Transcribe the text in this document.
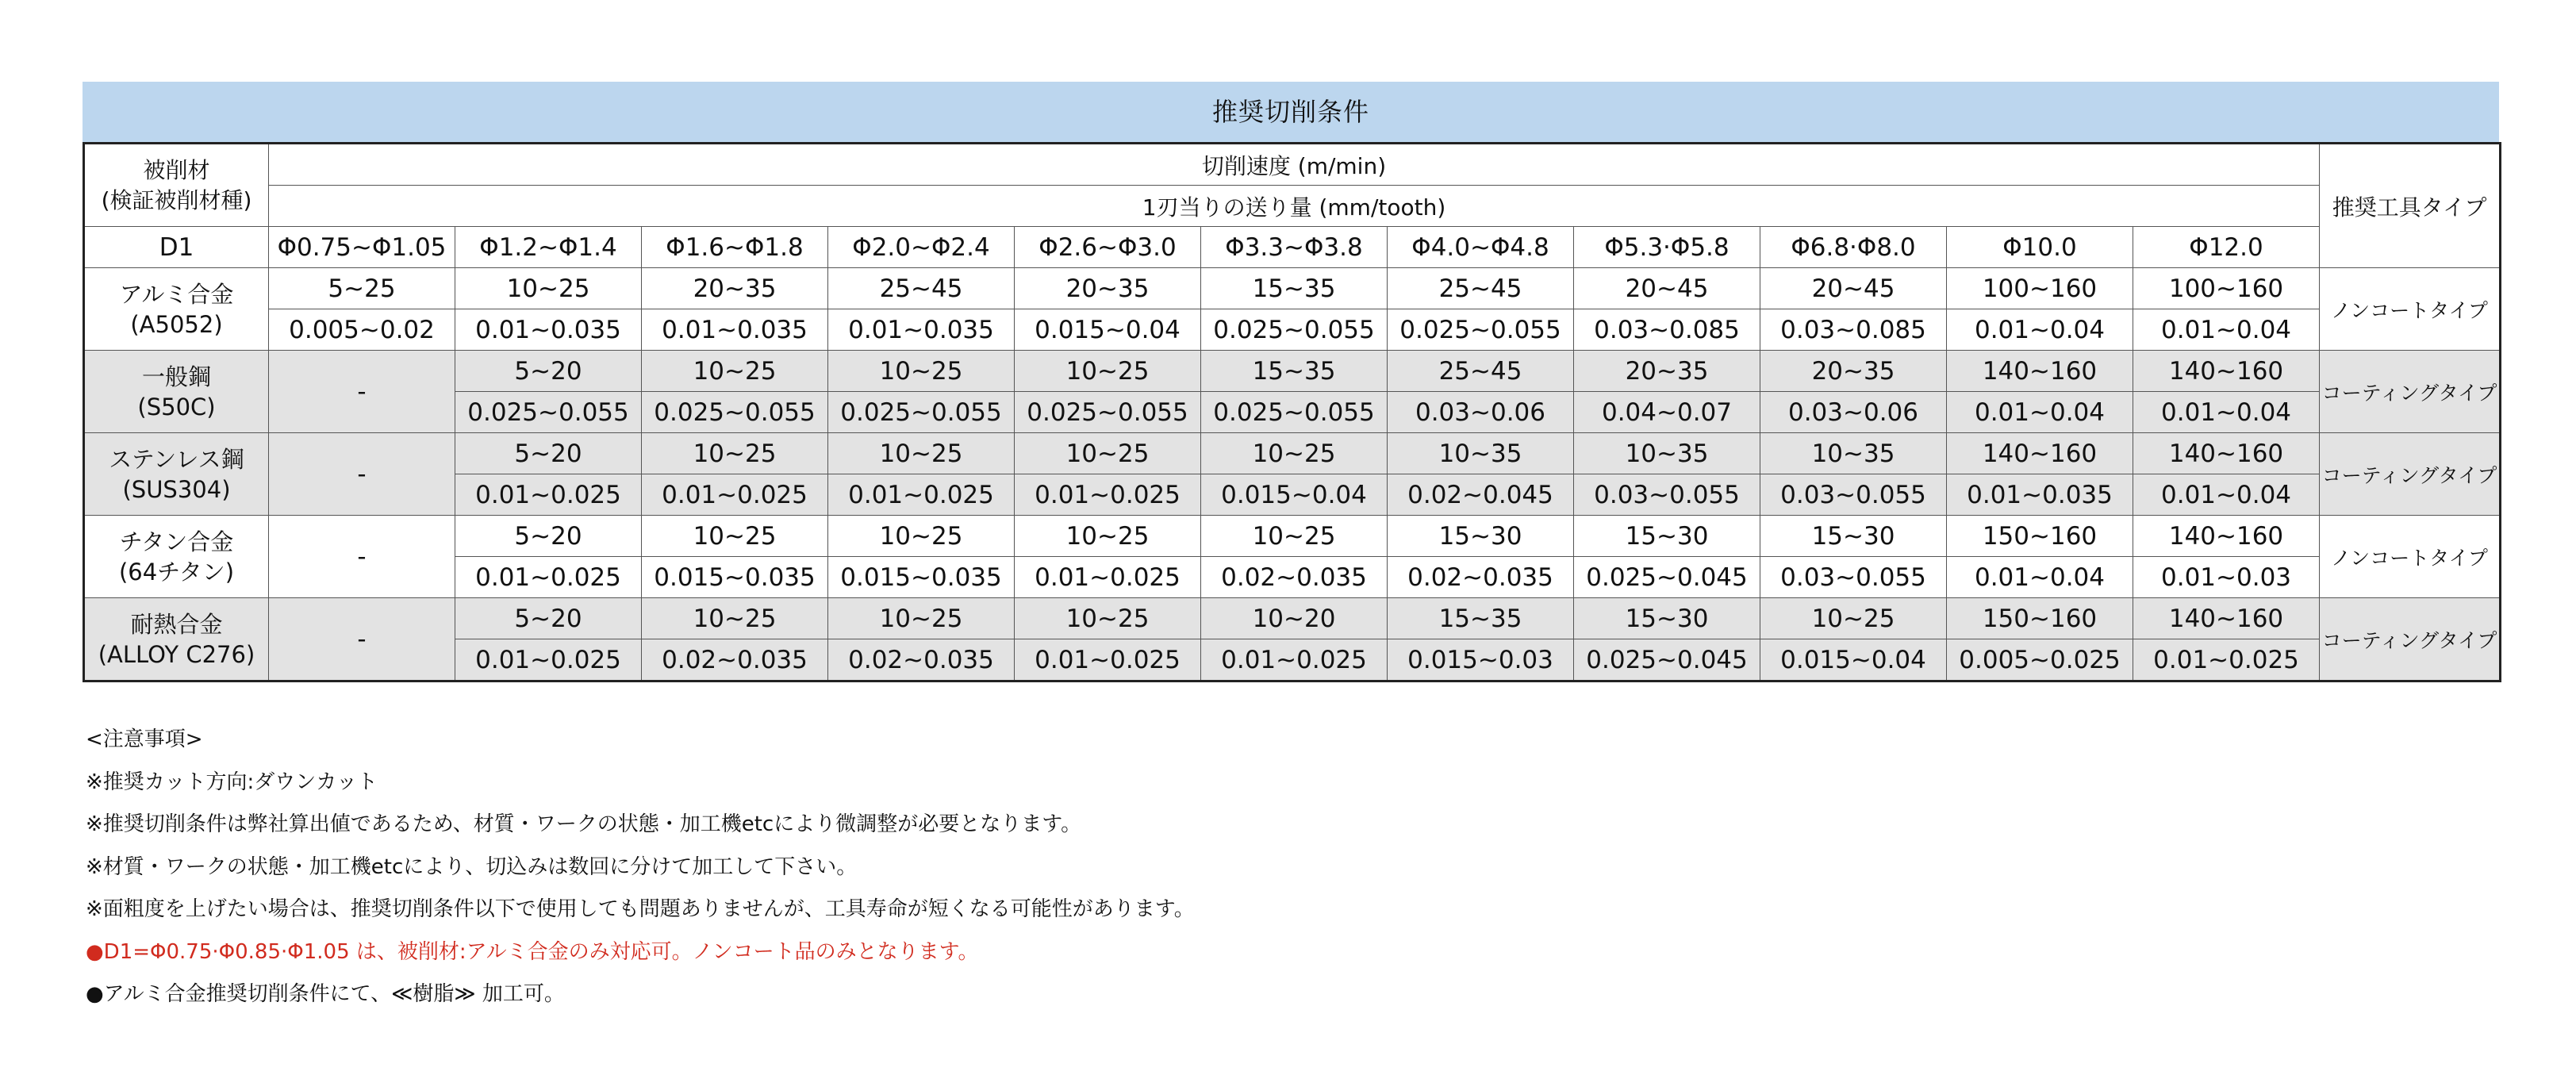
推奨切削条件
被削材
(検証被削材種)	切削速度 (m/min)											推奨工具タイプ
	1刃当りの送り量 (mm/tooth)											
D1	Φ0.75~Φ1.05	Φ1.2~Φ1.4	Φ1.6~Φ1.8	Φ2.0~Φ2.4	Φ2.6~Φ3.0	Φ3.3~Φ3.8	Φ4.0~Φ4.8	Φ5.3·Φ5.8	Φ6.8·Φ8.0	Φ10.0	Φ12.0	
アルミ合金
(A5052)	5~25	10~25	20~35	25~45	20~35	15~35	25~45	20~45	20~45	100~160	100~160	ノンコートタイプ
	0.005~0.02	0.01~0.035	0.01~0.035	0.01~0.035	0.015~0.04	0.025~0.055	0.025~0.055	0.03~0.085	0.03~0.085	0.01~0.04	0.01~0.04	
一般鋼
(S50C)	-	5~20	10~25	10~25	10~25	15~35	25~45	20~35	20~35	140~160	140~160	コーティングタイプ
		0.025~0.055	0.025~0.055	0.025~0.055	0.025~0.055	0.025~0.055	0.03~0.06	0.04~0.07	0.03~0.06	0.01~0.04	0.01~0.04	
ステンレス鋼
(SUS304)	-	5~20	10~25	10~25	10~25	10~25	10~35	10~35	10~35	140~160	140~160	コーティングタイプ
		0.01~0.025	0.01~0.025	0.01~0.025	0.01~0.025	0.015~0.04	0.02~0.045	0.03~0.055	0.03~0.055	0.01~0.035	0.01~0.04	
チタン合金
(64チタン)	-	5~20	10~25	10~25	10~25	10~25	15~30	15~30	15~30	150~160	140~160	ノンコートタイプ
		0.01~0.025	0.015~0.035	0.015~0.035	0.01~0.025	0.02~0.035	0.02~0.035	0.025~0.045	0.03~0.055	0.01~0.04	0.01~0.03	
耐熱合金
(ALLOY C276)	-	5~20	10~25	10~25	10~25	10~20	15~35	15~30	10~25	150~160	140~160	コーティングタイプ
		0.01~0.025	0.02~0.035	0.02~0.035	0.01~0.025	0.01~0.025	0.015~0.03	0.025~0.045	0.015~0.04	0.005~0.025	0.01~0.025	
<注意事項>
※推奨カット方向:ダウンカット
※推奨切削条件は弊社算出値であるため、材質・ワークの状態・加工機etcにより微調整が必要となります。
※材質・ワークの状態・加工機etcにより、切込みは数回に分けて加工して下さい。
※面粗度を上げたい場合は、推奨切削条件以下で使用しても問題ありませんが、工具寿命が短くなる可能性があります。
●D1=Φ0.75·Φ0.85·Φ1.05 は、被削材:アルミ合金のみ対応可。ノンコート品のみとなります。
●アルミ合金推奨切削条件にて、≪樹脂≫ 加工可。
